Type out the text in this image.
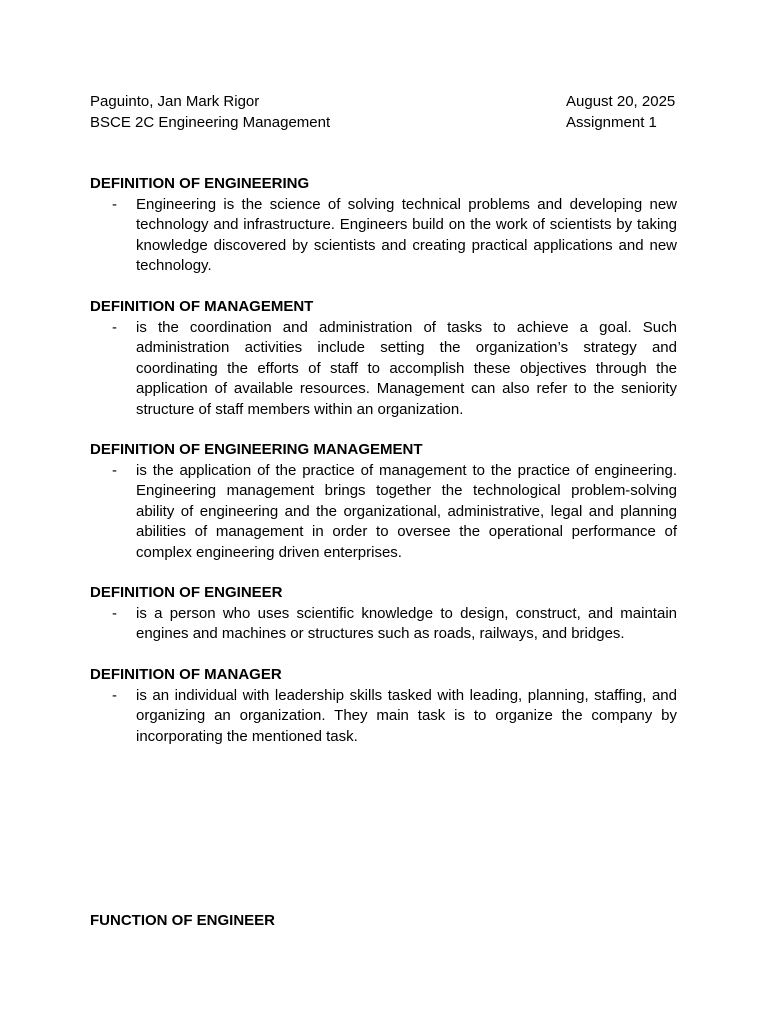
Paguinto, Jan Mark Rigor
BSCE 2C Engineering Management
August 20, 2025
Assignment 1
DEFINITION OF ENGINEERING
- Engineering is the science of solving technical problems and developing new technology and infrastructure. Engineers build on the work of scientists by taking knowledge discovered by scientists and creating practical applications and new technology.
DEFINITION OF MANAGEMENT
- is the coordination and administration of tasks to achieve a goal. Such administration activities include setting the organization’s strategy and coordinating the efforts of staff to accomplish these objectives through the application of available resources. Management can also refer to the seniority structure of staff members within an organization.
DEFINITION OF ENGINEERING MANAGEMENT
- is the application of the practice of management to the practice of engineering. Engineering management brings together the technological problem-solving ability of engineering and the organizational, administrative, legal and planning abilities of management in order to oversee the operational performance of complex engineering driven enterprises.
DEFINITION OF ENGINEER
- is a person who uses scientific knowledge to design, construct, and maintain engines and machines or structures such as roads, railways, and bridges.
DEFINITION OF MANAGER
- is an individual with leadership skills tasked with leading, planning, staffing, and organizing an organization. They main task is to organize the company by incorporating the mentioned task.
FUNCTION OF ENGINEER
